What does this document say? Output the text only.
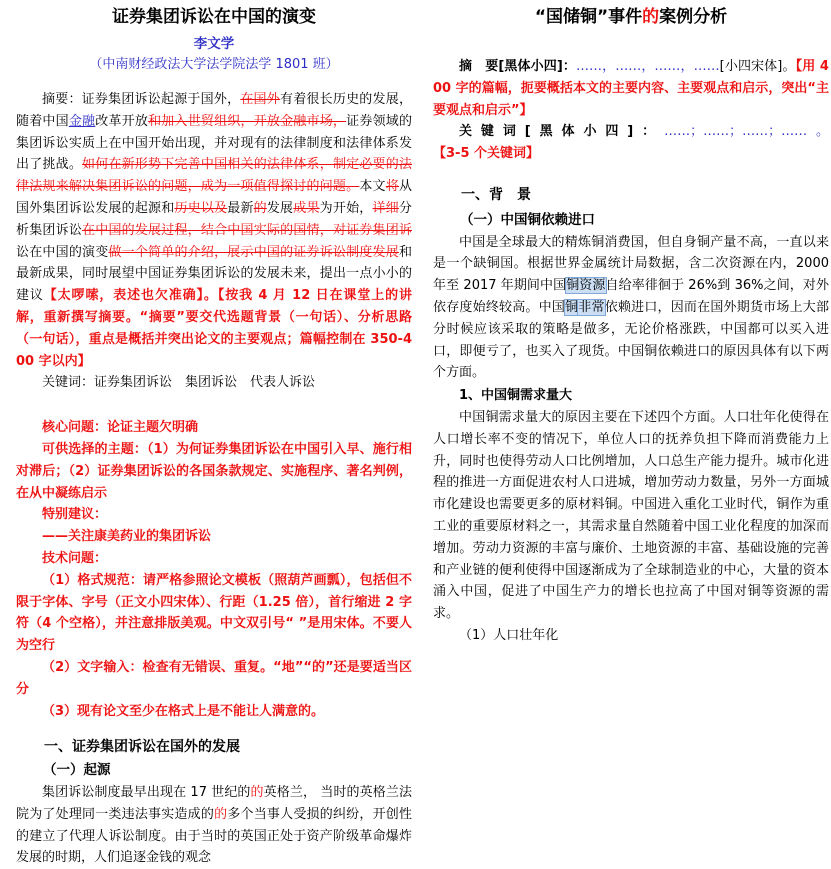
证券集团诉讼在中国的演变

李文学

（中南财经政法大学法学院法学 1801 班）

摘要：证券集团诉讼起源于国外，在国外有着很长历史的发展，随着中国金融改革开放和加入世贸组织，开放金融市场，证券领域的集团诉讼实质上在中国开始出现，并对现有的法律制度和法律体系发出了挑战。如何在新形势下完善中国相关的法律体系，制定必要的法律法规来解决集团诉讼的问题，成为一项值得探讨的问题。本文将从国外集团诉讼发展的起源和历史以及最新的发展成果为开始，详细分析集团诉讼在中国的发展过程，结合中国实际的国情，对证券集团诉讼在中国的演变做一个简单的介绍，展示中国的证券诉讼制度发展和最新成果，同时展望中国证券集团诉讼的发展未来，提出一点小小的建议【太啰嗦，表述也欠准确】。【按我 4 月 12 日在课堂上的讲解，重新撰写摘要。“摘要”要交代选题背景（一句话）、分析思路（一句话），重点是概括并突出论文的主要观点；篇幅控制在 350-400 字以内】

关键词：证券集团诉讼　集团诉讼　代表人诉讼

核心问题：论证主题欠明确

可供选择的主题：（1）为何证券集团诉讼在中国引入早、施行相对滞后；（2）证券集团诉讼的各国条款规定、实施程序、著名判例，在从中凝练启示

特别建议：

——关注康美药业的集团诉讼

技术问题：

（1）格式规范：请严格参照论文模板（照葫芦画瓢），包括但不限于字体、字号（正文小四宋体）、行距（1.25 倍），首行缩进 2 字符（4 个空格），并注意排版美观。中文双引号“ ”是用宋体。不要人为空行

（2）文字输入：检查有无错误、重复。“地”“的”还是要适当区分

（3）现有论文至少在格式上是不能让人满意的。

一、证券集团诉讼在国外的发展

（一）起源

集团诉讼制度最早出现在 17 世纪的的英格兰， 当时的英格兰法院为了处理同一类违法事实造成的的多个当事人受损的纠纷，开创性的建立了代理人诉讼制度。由于当时的英国正处于资产阶级革命爆炸发展的时期，人们追逐金钱的观念

“国储铜”事件的案例分析

摘　要[黑体小四]：……，……，……，……[小四宋体]。【用 400 字的篇幅，扼要概括本文的主要内容、主要观点和启示，突出“主要观点和启示”】

关键词[黑体小四]：……；……；……；……。【3-5 个关键词】

一、背　景

（一）中国铜依赖进口

中国是全球最大的精炼铜消费国，但自身铜产量不高，一直以来是一个缺铜国。根据世界金属统计局数据，含二次资源在内，2000 年至 2017 年期间中国铜资源自给率徘徊于 26%到 36%之间，对外依存度始终较高。中国铜非常依赖进口，因而在国外期货市场上大部分时候应该采取的策略是做多，无论价格涨跌，中国都可以买入进口，即便亏了，也买入了现货。中国铜依赖进口的原因具体有以下两个方面。

1、中国铜需求量大

中国铜需求量大的原因主要在下述四个方面。人口壮年化使得在人口增长率不变的情况下，单位人口的抚养负担下降而消费能力上升，同时也使得劳动人口比例增加，人口总生产能力提升。城市化进程的推进一方面促进农村人口进城，增加劳动力数量，另外一方面城市化建设也需要更多的原材料铜。中国进入重化工业时代，铜作为重工业的重要原材料之一，其需求量自然随着中国工业化程度的加深而增加。劳动力资源的丰富与廉价、土地资源的丰富、基础设施的完善和产业链的便利使得中国逐渐成为了全球制造业的中心，大量的资本涌入中国，促进了中国生产力的增长也拉高了中国对铜等资源的需求。

（1）人口壮年化
